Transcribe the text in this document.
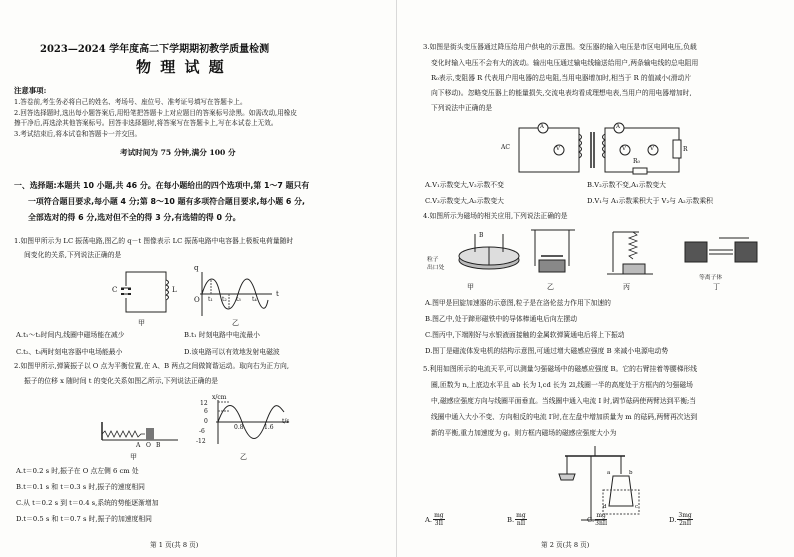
2023—2024 学年度高二下学期期初教学质量检测
物 理 试 题
注意事项:
1.答卷前,考生务必将自己的姓名、考场号、座位号、准考证号填写在答题卡上。
2.回答选择题时,选出每小题答案后,用铅笔把答题卡上对应题目的答案标号涂黑。如需改动,用橡皮
擦干净后,再选涂其他答案标号。回答非选择题时,将答案写在答题卡上,写在本试卷上无效。
3.考试结束后,将本试卷和答题卡一并交回。
考试时间为 75 分钟,满分 100 分
一、选择题:本题共 10 小题,共 46 分。在每小题给出的四个选项中,第 1～7 题只有
一项符合题目要求,每小题 4 分;第 8～10 题有多项符合题目要求,每小题 6 分,
全部选对的得 6 分,选对但不全的得 3 分,有选错的得 0 分。
1.如图甲所示为 LC 振荡电路,图乙的 q－t 图像表示 LC 振荡电路中电容器上极板电荷量随时
间变化的关系,下列说法正确的是
C	L
甲
q
t
O t₁ t₂ t₃ t₄
乙
A.t₁～t₂时间内,线圈中磁场能在减少	B.t₁ 时刻电路中电流最小
C.t₂、t₃两时刻电容器中电场能最小	D.该电路可以有效地发射电磁波
2.如图甲所示,弹簧振子以 O 点为平衡位置,在 A、B 两点之间做简谐运动。取向右为正方向,
振子的位移 x 随时间 t 的变化关系如图乙所示,下列说法正确的是
A O B
甲
x/cm
t/s
12
6
0
-6
-12
0.8	1.6
乙
A.t＝0.2 s 时,振子在 O 点左侧 6 cm 处
B.t＝0.1 s 和 t＝0.3 s 时,振子的速度相同
C.从 t＝0.2 s 到 t＝0.4 s,系统的势能逐渐增加
D.t＝0.5 s 和 t＝0.7 s 时,振子的加速度相同
第 1 页(共 8 页)
3.如图是街头变压器通过降压给用户供电的示意图。变压器的输入电压是市区电网电压,负载
变化时输入电压不会有大的波动。输出电压通过输电线输送给用户,两条输电线的总电阻用
R₀表示,变阻器 R 代表用户用电器的总电阻,当用电器增加时,相当于 R 的值减小(滑动片
向下移动)。忽略变压器上的能量损失,交流电表均看成理想电表,当用户的用电器增加时,
下列说法中正确的是
AC
A
V
A
V	V
R₀
R
A.V₁示数变大,V₂示数不变	B.V₂示数不变,A₁示数变大
C.V₃示数变大,A₂示数变大	D.V₁与 A₁示数乘积大于 V₂与 A₂示数乘积
4.如图所示为磁场的相关应用,下列说法正确的是
粒子
出口处
B
甲	乙	丙
等离子体
丁
A.图甲是回旋加速器的示意图,粒子是在洛伦兹力作用下加速的
B.图乙中,处于蹄形磁铁中的导体棒通电后向左摆动
C.图丙中,下端刚好与水银液面接触的金属软弹簧通电后将上下振动
D.图丁是磁流体发电机的结构示意图,可通过增大磁感应强度 B 来减小电源电动势
5.利用如图所示的电流天平,可以测量匀强磁场中的磁感应强度 B。它的右臂挂着等腰梯形线
圈,匝数为 n,上底边水平且 ab 长为 l,cd 长为 2l,线圈一半的高度处于方框内的匀强磁场
中,磁感应强度方向与线圈平面垂直。当线圈中通入电流 I 时,调节砝码使两臂达到平衡;当
线圈中通入大小不变、方向相反的电流 I′时,在左盘中增加质量为 m 的砝码,两臂再次达到
新的平衡,重力加速度为 g。则方框内磁场的磁感应强度大小为
a	b
c
d
A. $\frac{mg}{3Il}$	B. mg
nIl	C. mg
3nIl	D. 3mg
2nIl
第 2 页(共 8 页)
